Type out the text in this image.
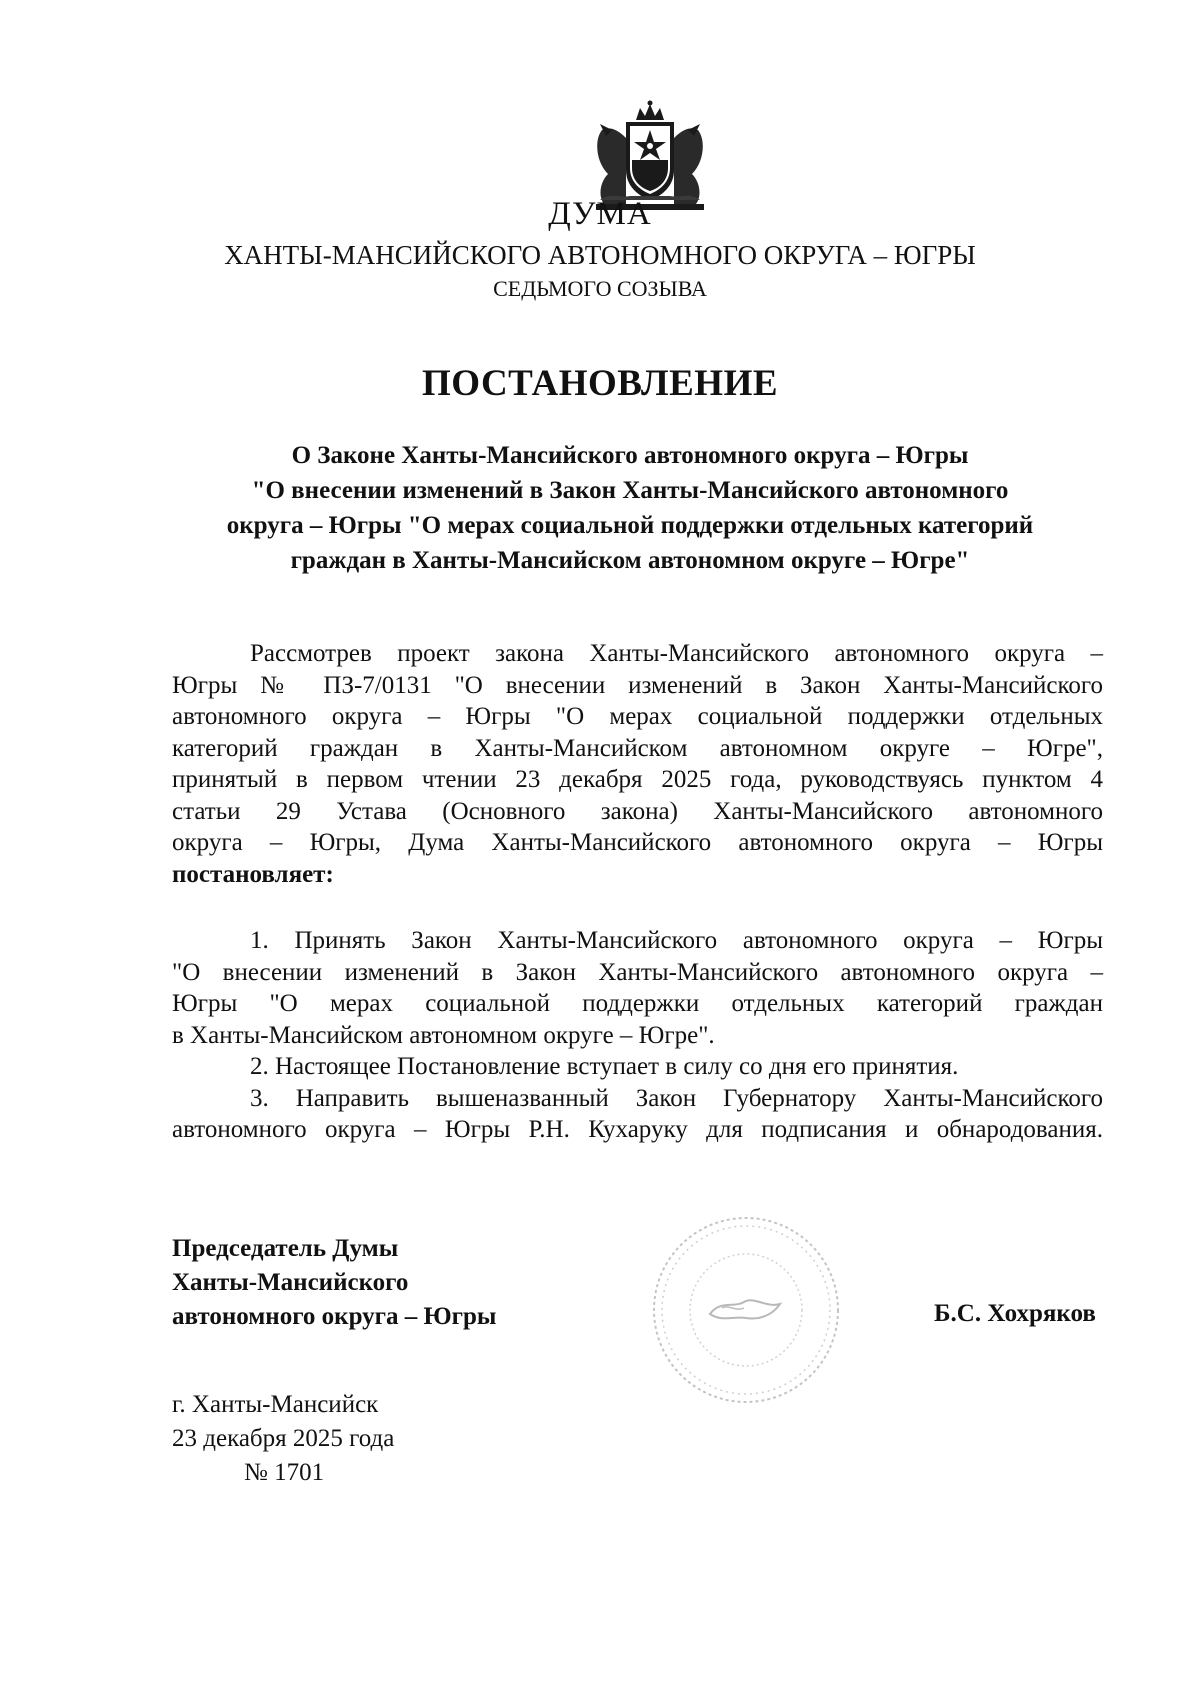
ДУМА
ХАНТЫ-МАНСИЙСКОГО АВТОНОМНОГО ОКРУГА – ЮГРЫ
СЕДЬМОГО СОЗЫВА
ПОСТАНОВЛЕНИЕ
О Законе Ханты-Мансийского автономного округа – Югры
"О внесении изменений в Закон Ханты-Мансийского автономного
округа – Югры "О мерах социальной поддержки отдельных категорий
граждан в Ханты-Мансийском автономном округе – Югре"
Рассмотрев проект закона Ханты-Мансийского автономного округа –
Югры № ПЗ-7/0131 "О внесении изменений в Закон Ханты-Мансийского
автономного округа – Югры "О мерах социальной поддержки отдельных
категорий граждан в Ханты-Мансийском автономном округе – Югре",
принятый в первом чтении 23 декабря 2025 года, руководствуясь пунктом 4
статьи 29 Устава (Основного закона) Ханты-Мансийского автономного
округа – Югры, Дума Ханты-Мансийского автономного округа – Югры
постановляет:
1. Принять Закон Ханты-Мансийского автономного округа – Югры
"О внесении изменений в Закон Ханты-Мансийского автономного округа –
Югры "О мерах социальной поддержки отдельных категорий граждан
в Ханты-Мансийском автономном округе – Югре".
2. Настоящее Постановление вступает в силу со дня его принятия.
3. Направить вышеназванный Закон Губернатору Ханты-Мансийского
автономного округа – Югры Р.Н. Кухаруку для подписания и обнародования.
Председатель Думы
Ханты-Мансийского
автономного округа – Югры	Б.С. Хохряков
г. Ханты-Мансийск
23 декабря 2025 года
№ 1701
